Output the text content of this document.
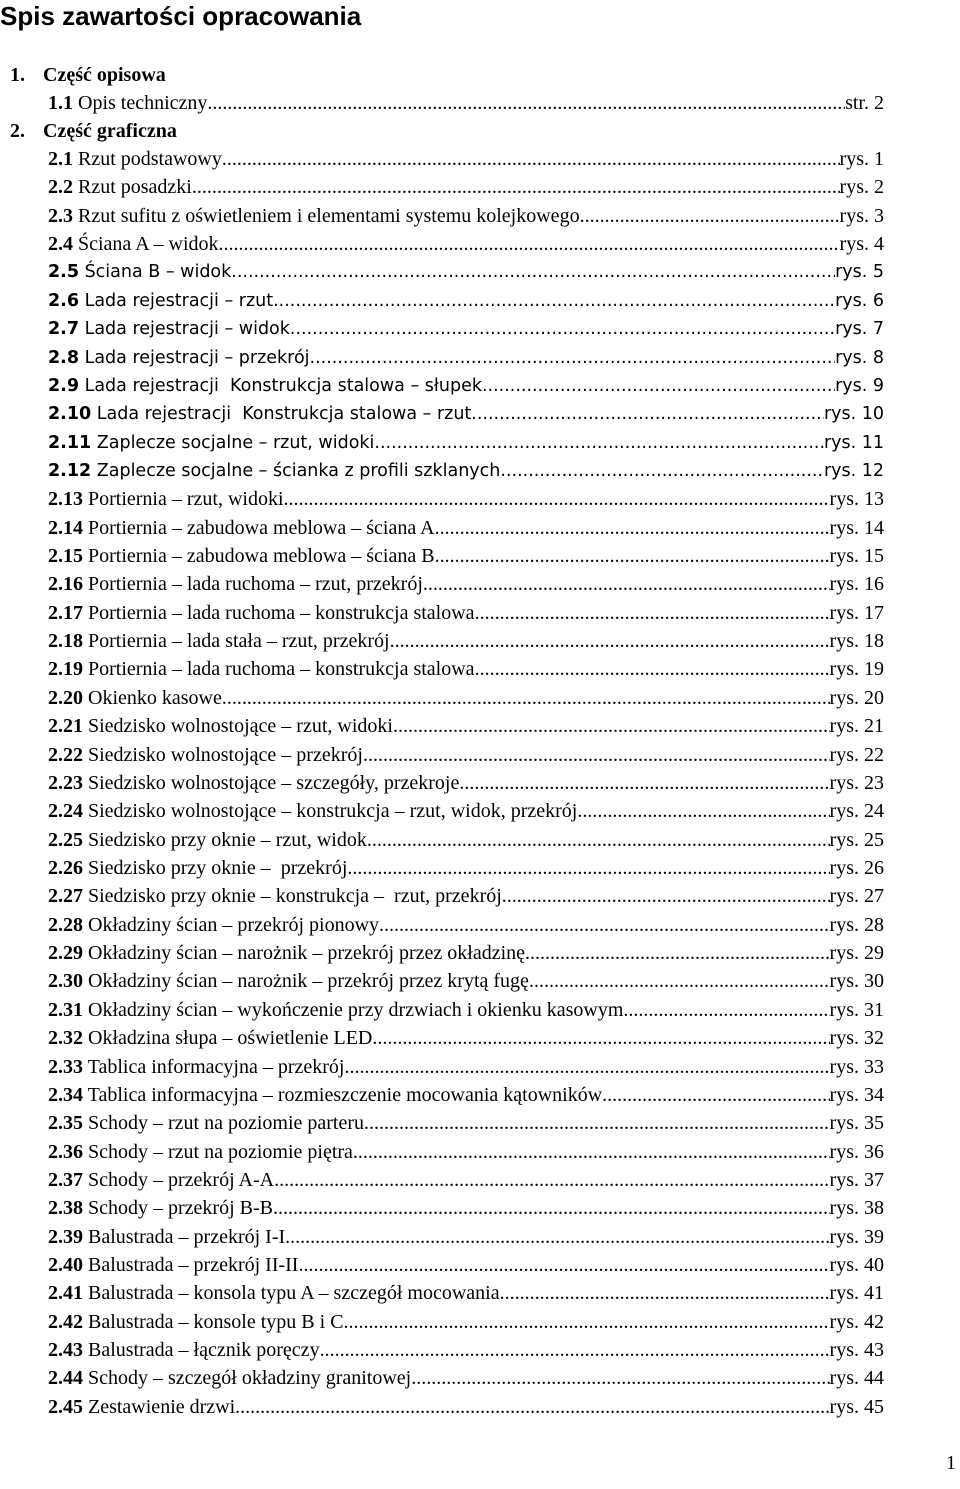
Spis zawartości opracowania
1. Część opisowa
2. Część graficzna
1.1 Opis techniczny .....	str. 2
2.1 Rzut podstawowy .....	rys. 1
2.2 Rzut posadzki .....	rys. 2
2.3 Rzut sufitu z oświetleniem i elementami systemu kolejkowego .....	rys. 3
2.4 Ściana A – widok .....	rys. 4
2.5 Ściana B – widok .....	rys. 5
2.6 Lada rejestracji – rzut .....	rys. 6
2.7 Lada rejestracji – widok .....	rys. 7
2.8 Lada rejestracji – przekrój .....	rys. 8
2.9 Lada rejestracji  Konstrukcja stalowa – słupek .....	rys. 9
2.10 Lada rejestracji  Konstrukcja stalowa – rzut .....	rys. 10
2.11 Zaplecze socjalne – rzut, widoki .....	rys. 11
2.12 Zaplecze socjalne – ścianka z profili szklanych .....	rys. 12
2.13 Portiernia – rzut, widoki .....	rys. 13
2.14 Portiernia – zabudowa meblowa – ściana A .....	rys. 14
2.15 Portiernia – zabudowa meblowa – ściana B .....	rys. 15
2.16 Portiernia – lada ruchoma – rzut, przekrój .....	rys. 16
2.17 Portiernia – lada ruchoma – konstrukcja stalowa .....	rys. 17
2.18 Portiernia – lada stała – rzut, przekrój .....	rys. 18
2.19 Portiernia – lada ruchoma – konstrukcja stalowa .....	rys. 19
2.20 Okienko kasowe .....	rys. 20
2.21 Siedzisko wolnostojące – rzut, widoki .....	rys. 21
2.22 Siedzisko wolnostojące – przekrój .....	rys. 22
2.23 Siedzisko wolnostojące – szczegóły, przekroje .....	rys. 23
2.24 Siedzisko wolnostojące – konstrukcja – rzut, widok, przekrój .....	rys. 24
2.25 Siedzisko przy oknie – rzut, widok .....	rys. 25
2.26 Siedzisko przy oknie –  przekrój .....	rys. 26
2.27 Siedzisko przy oknie – konstrukcja –  rzut, przekrój .....	rys. 27
2.28 Okładziny ścian – przekrój pionowy .....	rys. 28
2.29 Okładziny ścian – narożnik – przekrój przez okładzinę .....	rys. 29
2.30 Okładziny ścian – narożnik – przekrój przez krytą fugę .....	rys. 30
2.31 Okładziny ścian – wykończenie przy drzwiach i okienku kasowym .....	rys. 31
2.32 Okładzina słupa – oświetlenie LED .....	rys. 32
2.33 Tablica informacyjna – przekrój .....	rys. 33
2.34 Tablica informacyjna – rozmieszczenie mocowania kątowników .....	rys. 34
2.35 Schody – rzut na poziomie parteru .....	rys. 35
2.36 Schody – rzut na poziomie piętra .....	rys. 36
2.37 Schody – przekrój A-A .....	rys. 37
2.38 Schody – przekrój B-B .....	rys. 38
2.39 Balustrada – przekrój I-I .....	rys. 39
2.40 Balustrada – przekrój II-II .....	rys. 40
2.41 Balustrada – konsola typu A – szczegół mocowania .....	rys. 41
2.42 Balustrada – konsole typu B i C .....	rys. 42
2.43 Balustrada – łącznik poręczy .....	rys. 43
2.44 Schody – szczegół okładziny granitowej .....	rys. 44
2.45 Zestawienie drzwi .....	rys. 45
1
